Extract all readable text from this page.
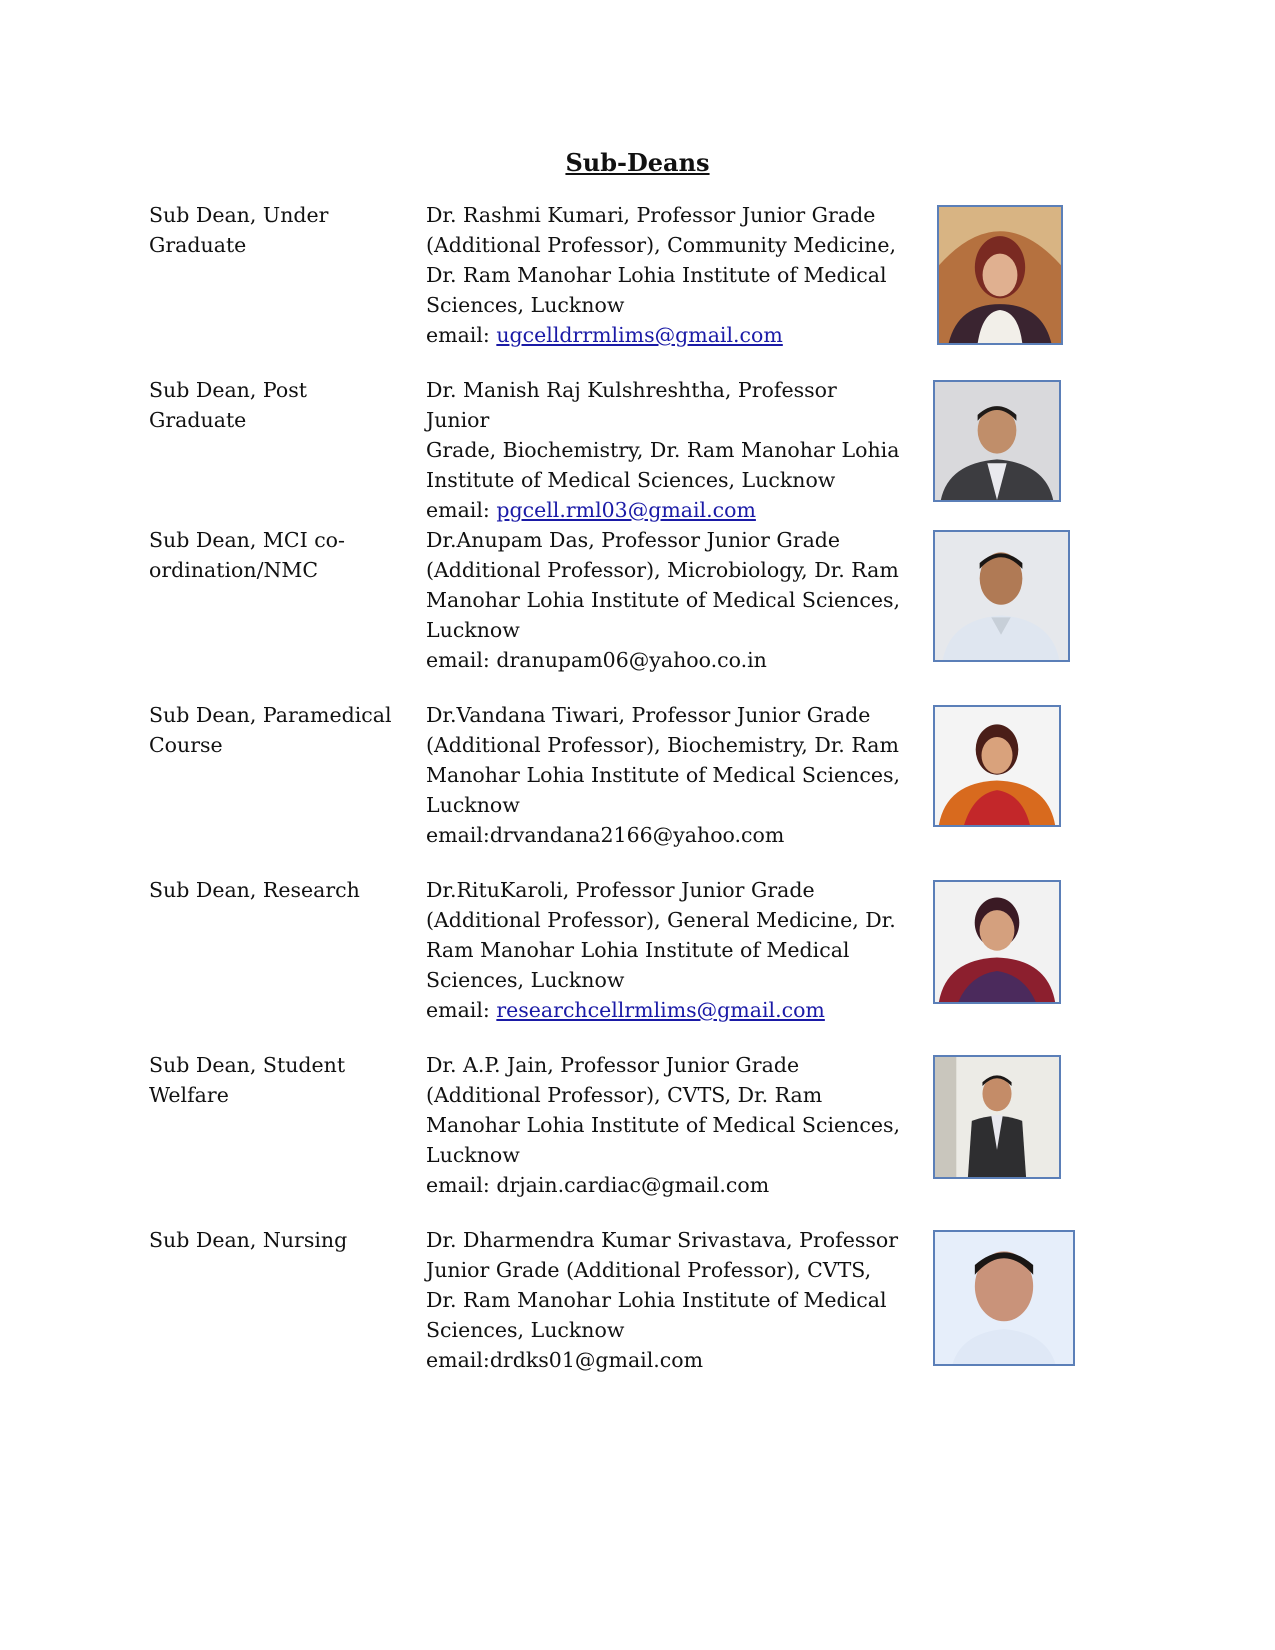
Sub-Deans
Sub Dean, Under
Graduate
Dr. Rashmi Kumari, Professor Junior Grade
(Additional Professor), Community Medicine,
Dr. Ram Manohar Lohia Institute of Medical
Sciences, Lucknow
email: ugcelldrrmlims@gmail.com
Sub Dean, Post
Graduate
Dr. Manish Raj Kulshreshtha, Professor Junior
Grade, Biochemistry, Dr. Ram Manohar Lohia
Institute of Medical Sciences, Lucknow
email: pgcell.rml03@gmail.com
Sub Dean, MCI co-
ordination/NMC
Dr.Anupam Das, Professor Junior Grade
(Additional Professor), Microbiology, Dr. Ram
Manohar Lohia Institute of Medical Sciences,
Lucknow
email: dranupam06@yahoo.co.in
Sub Dean, Paramedical
Course
Dr.Vandana Tiwari, Professor Junior Grade
(Additional Professor), Biochemistry, Dr. Ram
Manohar Lohia Institute of Medical Sciences,
Lucknow
email:drvandana2166@yahoo.com
Sub Dean, Research	Dr.RituKaroli, Professor Junior Grade
(Additional Professor), General Medicine, Dr.
Ram Manohar Lohia Institute of Medical
Sciences, Lucknow
email: researchcellrmlims@gmail.com
Sub Dean, Student
Welfare
Dr. A.P. Jain, Professor Junior Grade
(Additional Professor), CVTS, Dr. Ram
Manohar Lohia Institute of Medical Sciences,
Lucknow
email: drjain.cardiac@gmail.com
Sub Dean, Nursing	Dr. Dharmendra Kumar Srivastava, Professor
Junior Grade (Additional Professor), CVTS,
Dr. Ram Manohar Lohia Institute of Medical
Sciences, Lucknow
email:drdks01@gmail.com
